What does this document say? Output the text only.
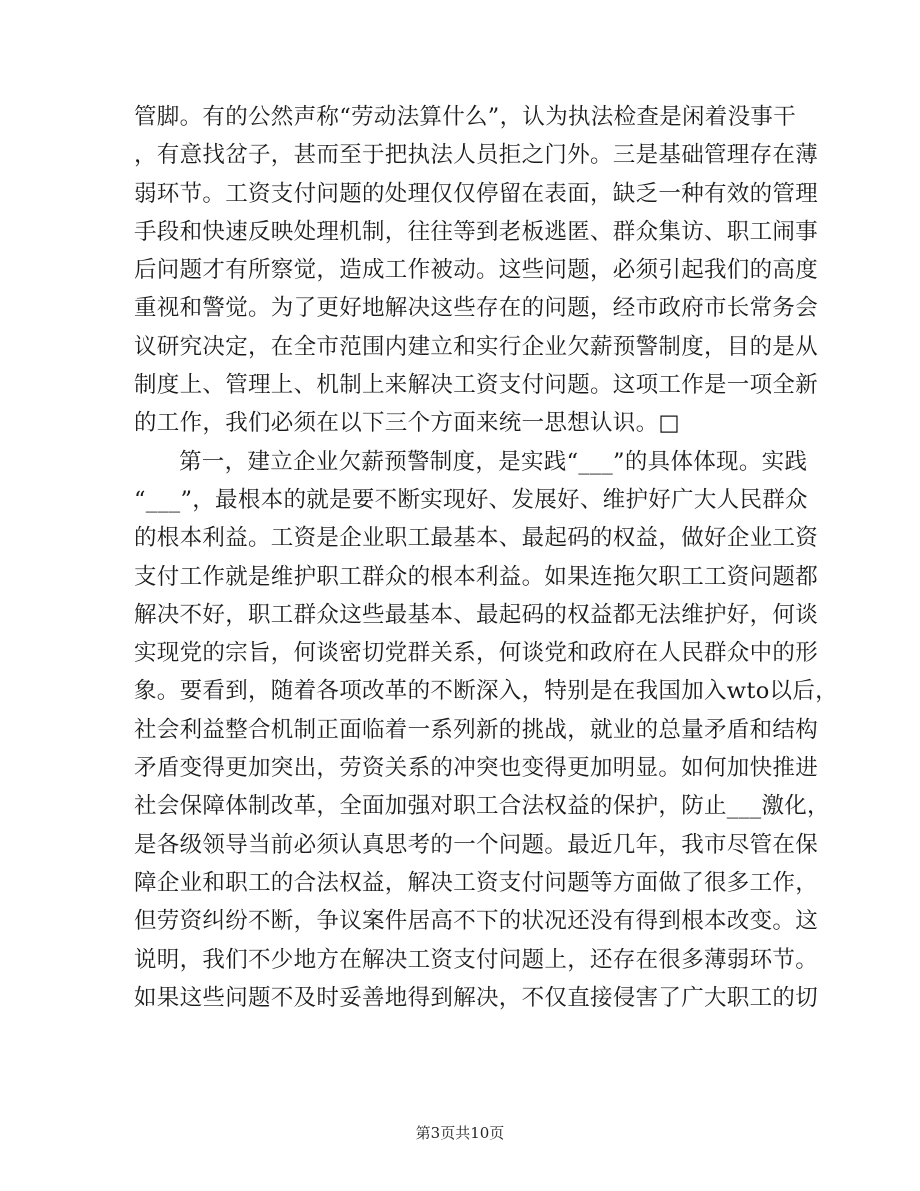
管脚。有的公然声称“劳动法算什么”，认为执法检查是闲着没事干
，有意找岔子，甚而至于把执法人员拒之门外。三是基础管理存在薄
弱环节。工资支付问题的处理仅仅停留在表面，缺乏一种有效的管理
手段和快速反映处理机制，往往等到老板逃匿、群众集访、职工闹事
后问题才有所察觉，造成工作被动。这些问题，必须引起我们的高度
重视和警觉。为了更好地解决这些存在的问题，经市政府市长常务会
议研究决定，在全市范围内建立和实行企业欠薪预警制度，目的是从
制度上、管理上、机制上来解决工资支付问题。这项工作是一项全新
的工作，我们必须在以下三个方面来统一思想认识。□
第一，建立企业欠薪预警制度，是实践“___”的具体体现。实践
“___”，最根本的就是要不断实现好、发展好、维护好广大人民群众
的根本利益。工资是企业职工最基本、最起码的权益，做好企业工资
支付工作就是维护职工群众的根本利益。如果连拖欠职工工资问题都
解决不好，职工群众这些最基本、最起码的权益都无法维护好，何谈
实现党的宗旨，何谈密切党群关系，何谈党和政府在人民群众中的形
象。要看到，随着各项改革的不断深入，特别是在我国加入wto以后，
社会利益整合机制正面临着一系列新的挑战，就业的总量矛盾和结构
矛盾变得更加突出，劳资关系的冲突也变得更加明显。如何加快推进
社会保障体制改革，全面加强对职工合法权益的保护，防止___激化，
是各级领导当前必须认真思考的一个问题。最近几年，我市尽管在保
障企业和职工的合法权益，解决工资支付问题等方面做了很多工作，
但劳资纠纷不断，争议案件居高不下的状况还没有得到根本改变。这
说明，我们不少地方在解决工资支付问题上，还存在很多薄弱环节。
如果这些问题不及时妥善地得到解决，不仅直接侵害了广大职工的切
第3页共10页
